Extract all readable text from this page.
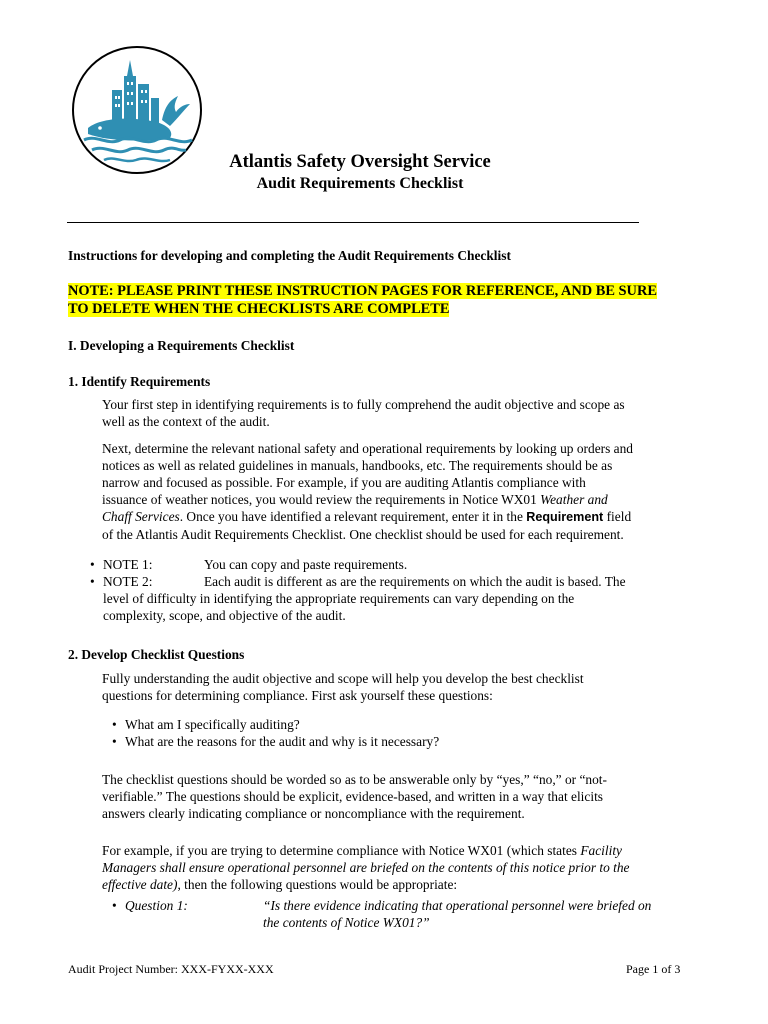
Atlantis Safety Oversight Service
Audit Requirements Checklist
Instructions for developing and completing the Audit Requirements Checklist
NOTE: PLEASE PRINT THESE INSTRUCTION PAGES FOR REFERENCE, AND BE SURE
TO DELETE WHEN THE CHECKLISTS ARE COMPLETE
I. Developing a Requirements Checklist
1. Identify Requirements
Your first step in identifying requirements is to fully comprehend the audit objective and scope as
well as the context of the audit.
Next, determine the relevant national safety and operational requirements by looking up orders and
notices as well as related guidelines in manuals, handbooks, etc. The requirements should be as
narrow and focused as possible. For example, if you are auditing Atlantis compliance with
issuance of weather notices, you would review the requirements in Notice WX01 Weather and
Chaff Services. Once you have identified a relevant requirement, enter it in the Requirement field
of the Atlantis Audit Requirements Checklist. One checklist should be used for each requirement.
• NOTE 1:	You can copy and paste requirements.
• NOTE 2:	Each audit is different as are the requirements on which the audit is based. The
level of difficulty in identifying the appropriate requirements can vary depending on the
complexity, scope, and objective of the audit.
2. Develop Checklist Questions
Fully understanding the audit objective and scope will help you develop the best checklist
questions for determining compliance. First ask yourself these questions:
• What am I specifically auditing?
• What are the reasons for the audit and why is it necessary?
The checklist questions should be worded so as to be answerable only by “yes,” “no,” or “not-
verifiable.” The questions should be explicit, evidence-based, and written in a way that elicits
answers clearly indicating compliance or noncompliance with the requirement.
For example, if you are trying to determine compliance with Notice WX01 (which states Facility
Managers shall ensure operational personnel are briefed on the contents of this notice prior to the
effective date), then the following questions would be appropriate:
• Question 1:	“Is there evidence indicating that operational personnel were briefed on
the contents of Notice WX01?”
Audit Project Number: XXX-FYXX-XXX	Page 1 of 3
